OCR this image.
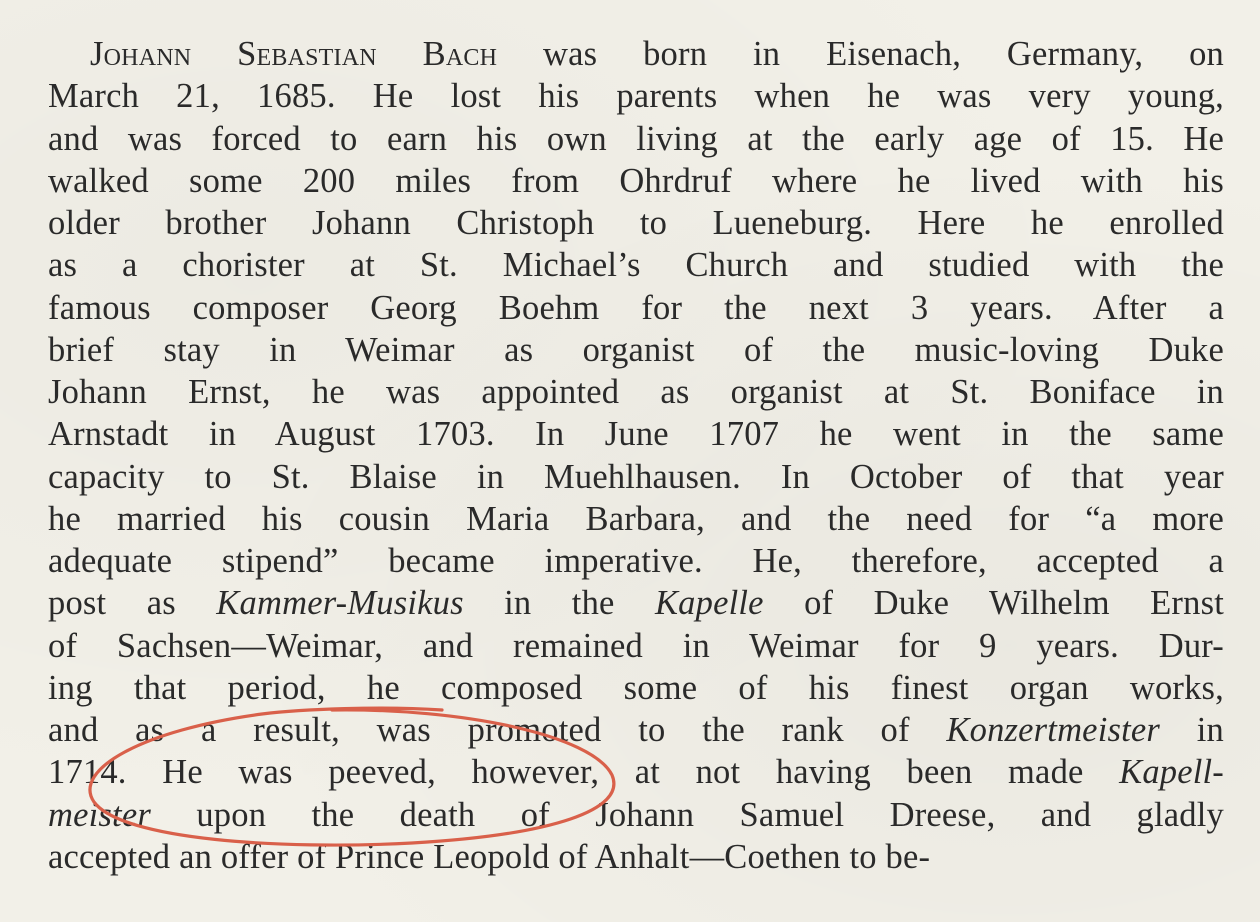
Johann Sebastian Bach was born in Eisenach, Germany, on
March 21, 1685. He lost his parents when he was very young,
and was forced to earn his own living at the early age of 15. He
walked some 200 miles from Ohrdruf where he lived with his
older brother Johann Christoph to Lueneburg. Here he enrolled
as a chorister at St. Michael’s Church and studied with the
famous composer Georg Boehm for the next 3 years. After a
brief stay in Weimar as organist of the music-loving Duke
Johann Ernst, he was appointed as organist at St. Boniface in
Arnstadt in August 1703. In June 1707 he went in the same
capacity to St. Blaise in Muehlhausen. In October of that year
he married his cousin Maria Barbara, and the need for “a more
adequate stipend” became imperative. He, therefore, accepted a
post as Kammer-Musikus in the Kapelle of Duke Wilhelm Ernst
of Sachsen—Weimar, and remained in Weimar for 9 years. Dur-
ing that period, he composed some of his finest organ works,
and as a result, was promoted to the rank of Konzertmeister in
1714. He was peeved, however, at not having been made Kapell-
meister upon the death of Johann Samuel Dreese, and gladly
accepted an offer of Prince Leopold of Anhalt—Coethen to be-
